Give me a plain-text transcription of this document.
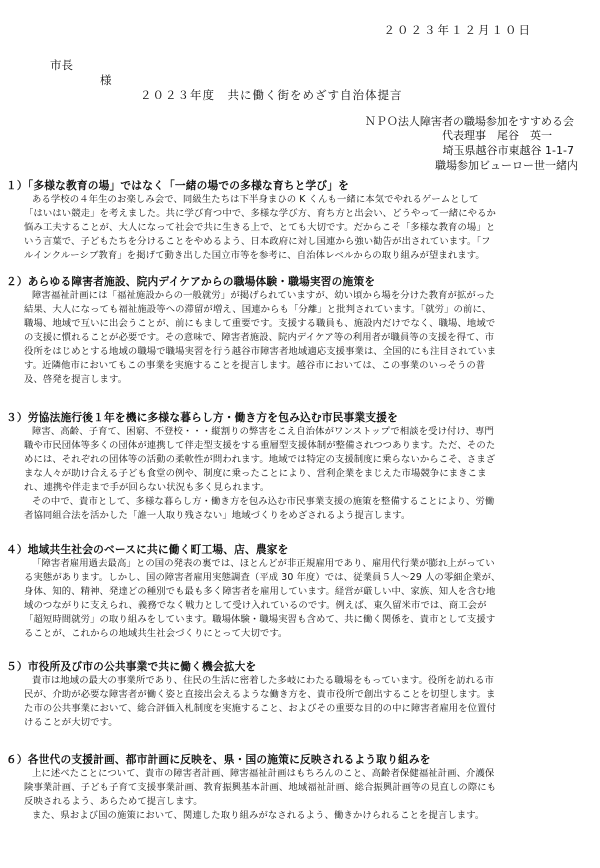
２０２３年１２月１０日
市長
様
２０２３年度　共に働く街をめざす自治体提言
ＮＰＯ法人障害者の職場参加をすすめる会
代表理事　尾谷　英一
埼玉県越谷市東越谷 1-1-7
職場参加ビューロー世一緒内
１）「多様な教育の場」ではなく「一緒の場での多様な育ちと学び」を
ある学校の４年生のお楽しみ会で、同級生たちは下半身まひの K くんも一緒に本気でやれるゲームとして
「はいはい競走」を考えました。共に学び育つ中で、多様な学び方、育ち方と出会い、どうやって一緒にやるか
悩み工夫することが、大人になって社会で共に生きる上で、とても大切です。だからこそ「多様な教育の場」と
いう言葉で、子どもたちを分けることをやめるよう、日本政府に対し国連から強い勧告が出されています。「フ
ルインクルーシブ教育」を掲げて動き出した国立市等を参考に、自治体レベルからの取り組みが望まれます。
２）あらゆる障害者施設、院内デイケアからの職場体験・職場実習の施策を
障害福祉計画には「福祉施設からの一般就労」が掲げられていますが、幼い頃から場を分けた教育が拡がった
結果、大人になっても福祉施設等への滞留が増え、国連からも「分離」と批判されています。「就労」の前に、
職場、地域で互いに出会うことが、前にもまして重要です。支援する職員も、施設内だけでなく、職場、地域で
の支援に慣れることが必要です。その意味で、障害者施設、院内デイケア等の利用者が職員等の支援を得て、市
役所をはじめとする地域の職場で職場実習を行う越谷市障害者地域適応支援事業は、全国的にも注目されていま
す。近隣他市においてもこの事業を実施することを提言します。越谷市においては、この事業のいっそうの普
及、啓発を提言します。
３）労協法施行後１年を機に多様な暮らし方・働き方を包み込む市民事業支援を
障害、高齢、子育て、困窮、不登校・・・縦割りの弊害をこえ自治体がワンストップで相談を受け付け、専門
職や市民団体等多くの団体が連携して伴走型支援をする重層型支援体制が整備されつつあります。ただ、そのた
めには、それぞれの団体等の活動の柔軟性が問われます。地域では特定の支援制度に乗らないからこそ、さまざ
まな人々が助け合える子ども食堂の例や、制度に乗ったことにより、営利企業をまじえた市場競争にまきこま
れ、連携や伴走まで手が回らない状況も多く見られます。
その中で、貴市として、多様な暮らし方・働き方を包み込む市民事業支援の施策を整備することにより、労働
者協同組合法を活かした「誰一人取り残さない」地域づくりをめざされるよう提言します。
４）地域共生社会のベースに共に働く町工場、店、農家を
「障害者雇用過去最高」との国の発表の裏では、ほとんどが非正規雇用であり、雇用代行業が膨れ上がってい
る実態があります。しかし、国の障害者雇用実態調査（平成 30 年度）では、従業員５人～29 人の零細企業が、
身体、知的、精神、発達どの種別でも最も多く障害者を雇用しています。経営が厳しい中、家族、知人を含む地
域のつながりに支えられ、義務でなく戦力として受け入れているのです。例えば、東久留米市では、商工会が
「超短時間就労」の取り組みをしています。職場体験・職場実習も含めて、共に働く関係を、貴市として支援す
ることが、これからの地域共生社会づくりにとって大切です。
５）市役所及び市の公共事業で共に働く機会拡大を
貴市は地域の最大の事業所であり、住民の生活に密着した多岐にわたる職場をもっています。役所を訪れる市
民が、介助が必要な障害者が働く姿と直接出会えるような働き方を、貴市役所で創出することを切望します。ま
た市の公共事業において、総合評価入札制度を実施すること、およびその重要な目的の中に障害者雇用を位置付
けることが大切です。
６）各世代の支援計画、都市計画に反映を、県・国の施策に反映されるよう取り組みを
上に述べたことについて、貴市の障害者計画、障害福祉計画はもちろんのこと、高齢者保健福祉計画、介護保
険事業計画、子ども子育て支援事業計画、教育振興基本計画、地域福祉計画、総合振興計画等の見直しの際にも
反映されるよう、あらためて提言します。
また、県および国の施策において、関連した取り組みがなされるよう、働きかけられることを提言します。
